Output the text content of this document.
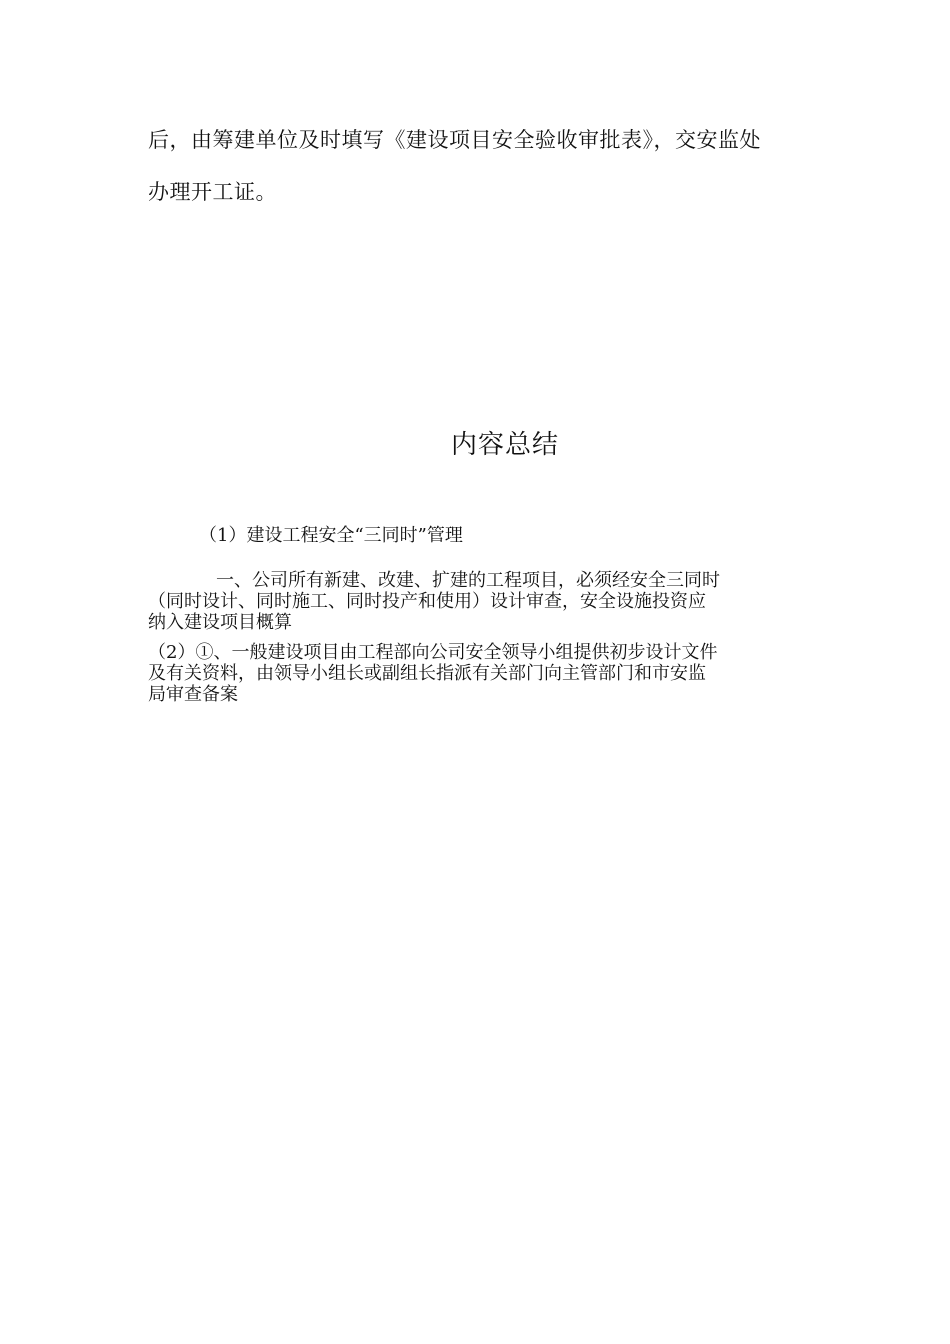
后，由筹建单位及时填写《建设项目安全验收审批表》，交安监处
办理开工证。
内容总结
（1）建设工程安全“三同时”管理
一、公司所有新建、改建、扩建的工程项目，必须经安全三同时
（同时设计、同时施工、同时投产和使用）设计审查，安全设施投资应
纳入建设项目概算
（2）①、一般建设项目由工程部向公司安全领导小组提供初步设计文件
及有关资料，由领导小组长或副组长指派有关部门向主管部门和市安监
局审查备案
